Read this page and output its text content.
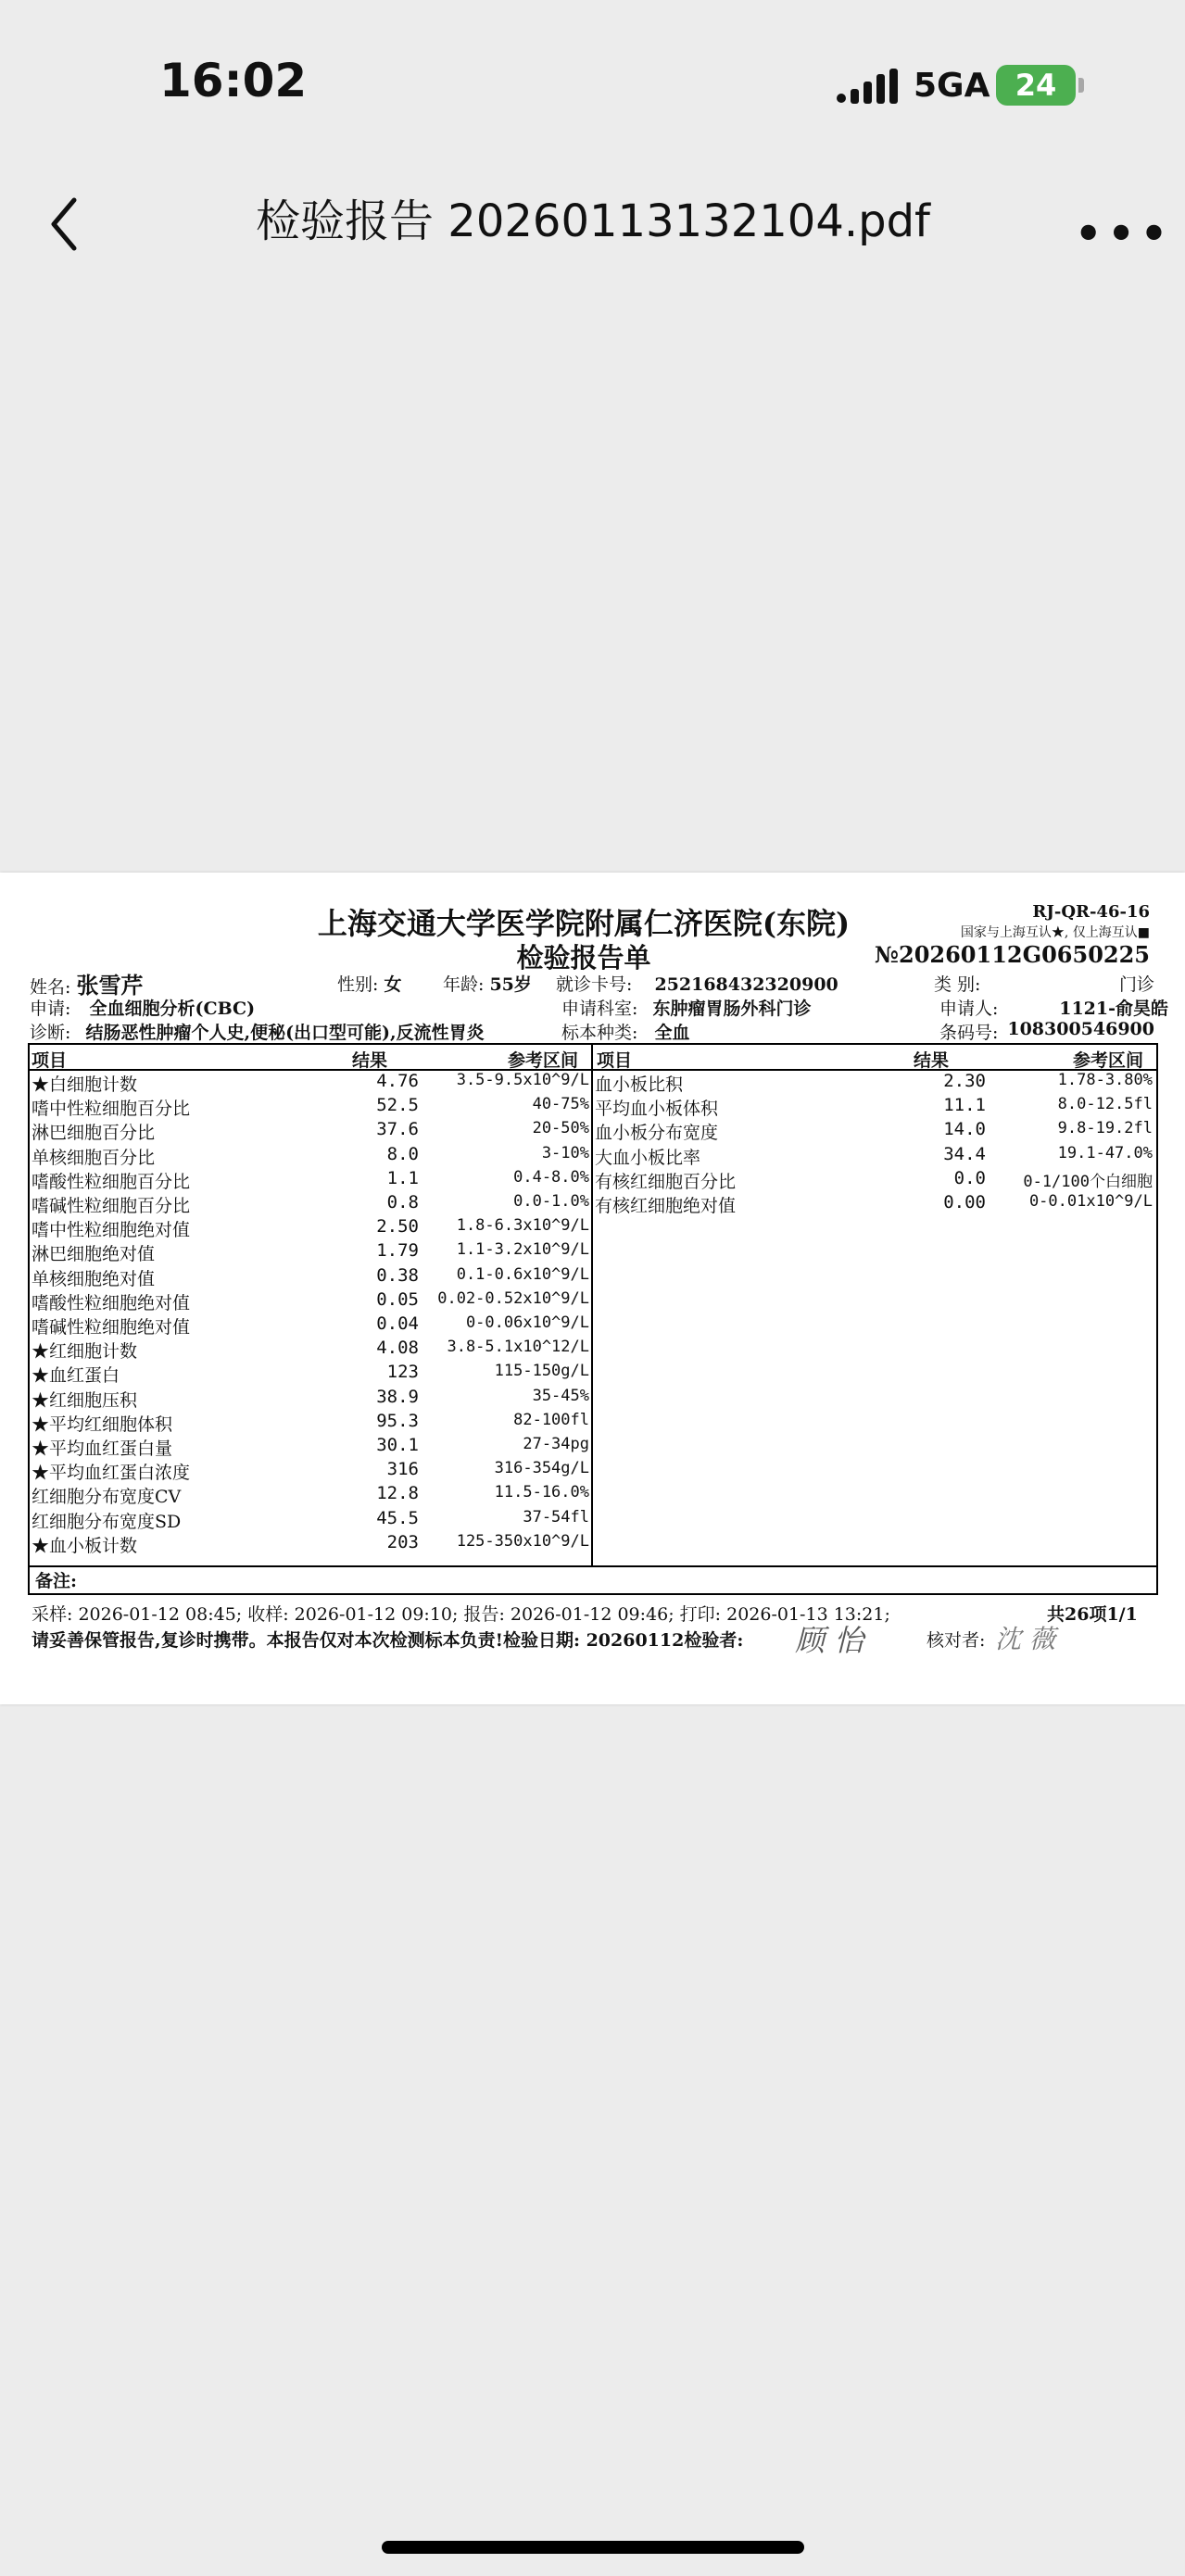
16:02	5GA 24
检验报告 20260113132104.pdf	•••
上海交通大学医学院附属仁济医院(东院)
检验报告单
RJ-QR-46-16
国家与上海互认★, 仅上海互认■
№20260112G0650225
姓名: 张雪芹	性别: 女 年龄: 55岁 就诊卡号: 252168432320900	类 别:	门诊
申请: 全血细胞分析(CBC)	申请科室: 东肿瘤胃肠外科门诊	申请人:	1121-俞昊皓
诊断: 结肠恶性肿瘤个人史,便秘(出口型可能),反流性胃炎	标本种类: 全血	条码号: 108300546900
项目	结果	参考区间 项目	结果	参考区间
★白细胞计数	4.76 3.5-9.5x10^9/L
嗜中性粒细胞百分比	52.5	40-75%
淋巴细胞百分比	37.6	20-50%
单核细胞百分比	8.0	3-10%
嗜酸性粒细胞百分比	1.1	0.4-8.0%
嗜碱性粒细胞百分比	0.8	0.0-1.0%
嗜中性粒细胞绝对值	2.50 1.8-6.3x10^9/L
淋巴细胞绝对值	1.79 1.1-3.2x10^9/L
单核细胞绝对值	0.38 0.1-0.6x10^9/L
嗜酸性粒细胞绝对值	0.05 0.02-0.52x10^9/L
嗜碱性粒细胞绝对值	0.04	0-0.06x10^9/L
★红细胞计数	4.08 3.8-5.1x10^12/L
★血红蛋白	123	115-150g/L
★红细胞压积	38.9	35-45%
★平均红细胞体积	95.3	82-100fl
★平均血红蛋白量	30.1	27-34pg
★平均血红蛋白浓度	316	316-354g/L
红细胞分布宽度CV	12.8	11.5-16.0%
红细胞分布宽度SD	45.5	37-54fl
★血小板计数	203 125-350x10^9/L
血小板比积	2.30	1.78-3.80%
平均血小板体积	11.1	8.0-12.5fl
血小板分布宽度	14.0	9.8-19.2fl
大血小板比率	34.4	19.1-47.0%
有核红细胞百分比	0.0 0-1/100个白细胞
有核红细胞绝对值	0.00	0-0.01x10^9/L
备注:
采样: 2026-01-12 08:45; 收样: 2026-01-12 09:10; 报告: 2026-01-12 09:46; 打印: 2026-01-13 13:21;	共26项1/1
请妥善保管报告,复诊时携带。本报告仅对本次检测标本负责!检验日期: 20260112检验者: 顾 怡	核对者: 沈 薇
